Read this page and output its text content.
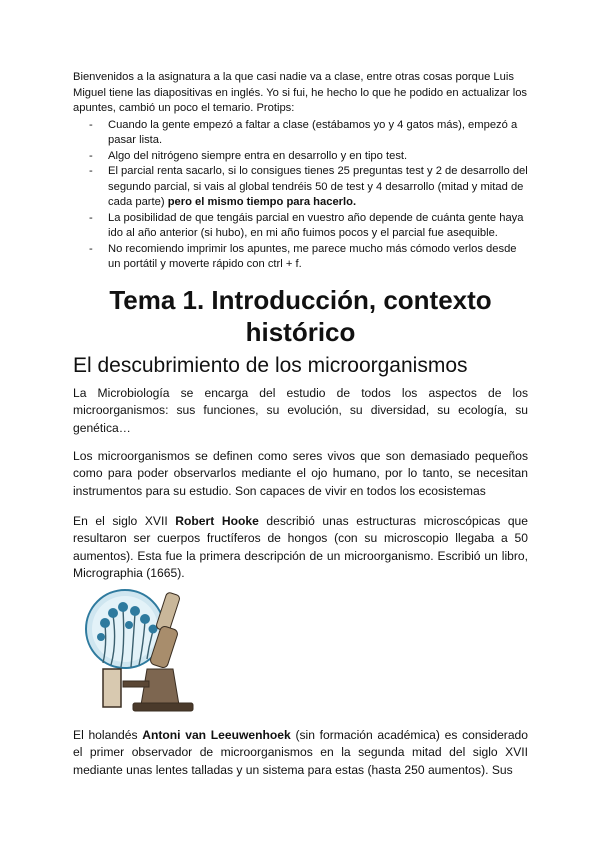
Bienvenidos a la asignatura a la que casi nadie va a clase, entre otras cosas porque Luis Miguel tiene las diapositivas en inglés. Yo si fui, he hecho lo que he podido en actualizar los apuntes, cambió un poco el temario. Protips:

- Cuando la gente empezó a faltar a clase (estábamos yo y 4 gatos más), empezó a pasar lista.
- Algo del nitrógeno siempre entra en desarrollo y en tipo test.
- El parcial renta sacarlo, si lo consigues tienes 25 preguntas test y 2 de desarrollo del segundo parcial, si vais al global tendréis 50 de test y 4 desarrollo (mitad y mitad de cada parte) pero el mismo tiempo para hacerlo.
- La posibilidad de que tengáis parcial en vuestro año depende de cuánta gente haya ido al año anterior (si hubo), en mi año fuimos pocos y el parcial fue asequible.
- No recomiendo imprimir los apuntes, me parece mucho más cómodo verlos desde un portátil y moverte rápido con ctrl + f.
Tema 1. Introducción, contexto histórico
El descubrimiento de los microorganismos

La Microbiología se encarga del estudio de todos los aspectos de los microorganismos: sus funciones, su evolución, su diversidad, su ecología, su genética…

Los microorganismos se definen como seres vivos que son demasiado pequeños como para poder observarlos mediante el ojo humano, por lo tanto, se necesitan instrumentos para su estudio. Son capaces de vivir en todos los ecosistemas

En el siglo XVII Robert Hooke describió unas estructuras microscópicas que resultaron ser cuerpos fructíferos de hongos (con su microscopio llegaba a 50 aumentos). Esta fue la primera descripción de un microorganismo. Escribió un libro, Micrographia (1665).

El holandés Antoni van Leeuwenhoek (sin formación académica) es considerado el primer observador de microorganismos en la segunda mitad del siglo XVII mediante unas lentes talladas y un sistema para estas (hasta 250 aumentos). Sus
